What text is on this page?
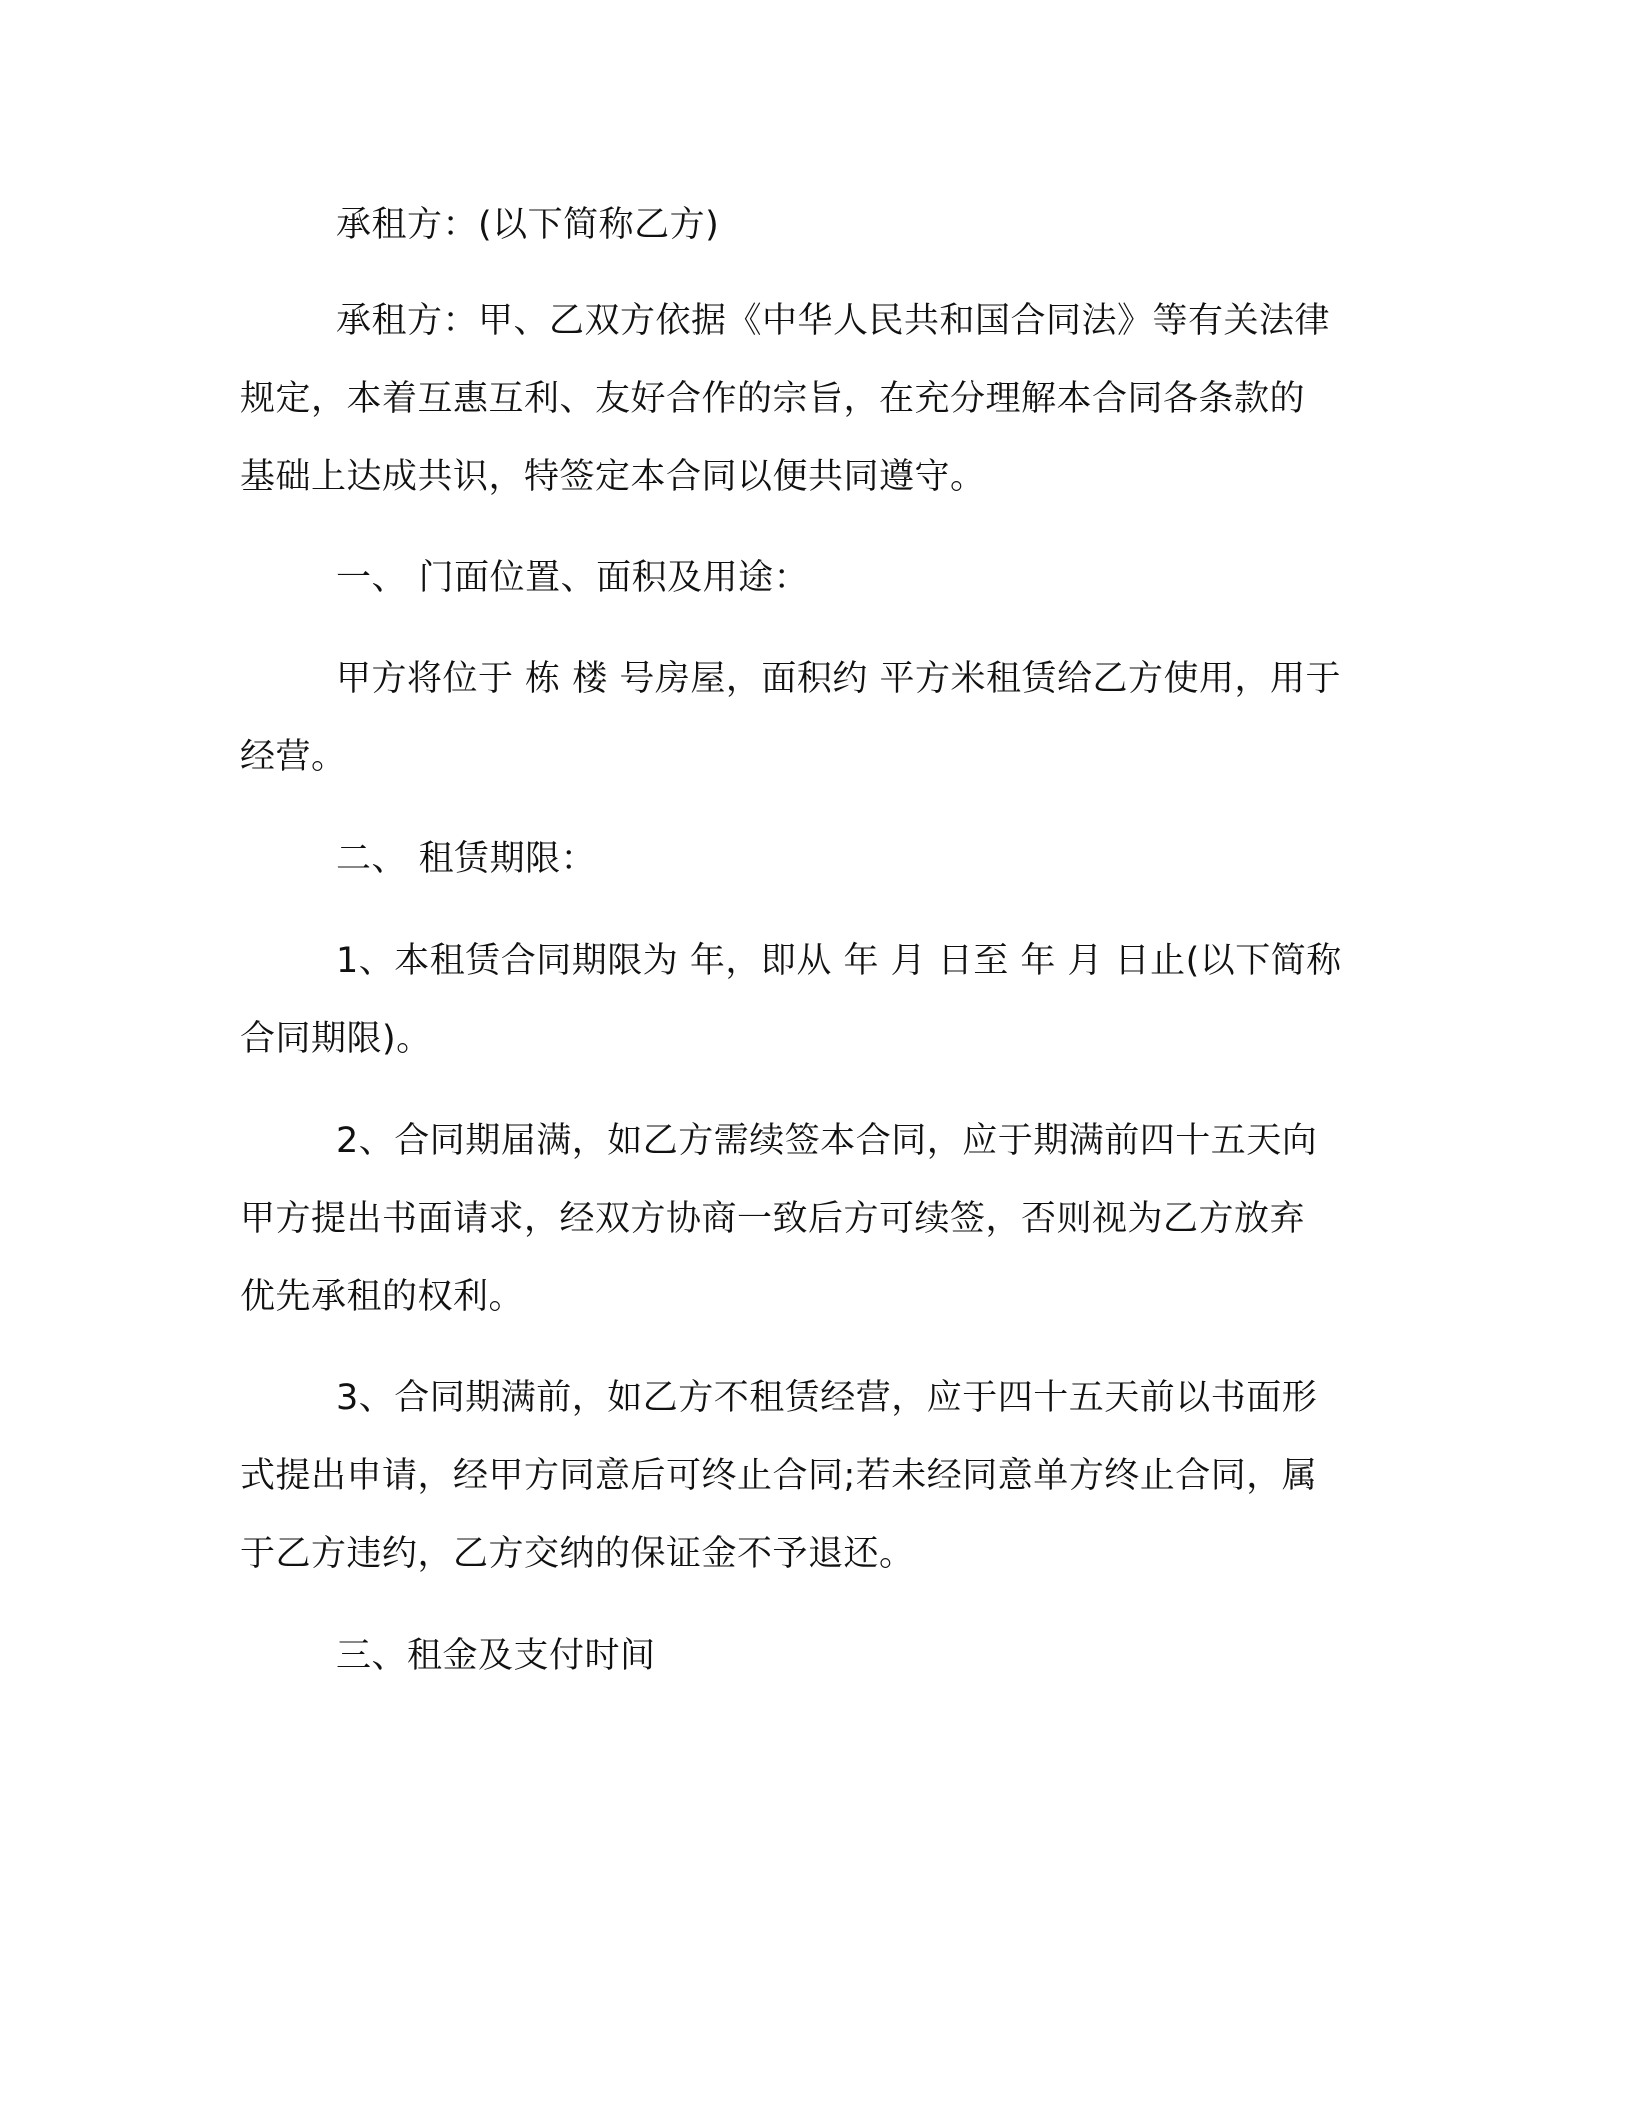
承租方：(以下简称乙方)

承租方：甲、乙双方依据《中华人民共和国合同法》等有关法律
规定，本着互惠互利、友好合作的宗旨，在充分理解本合同各条款的
基础上达成共识，特签定本合同以便共同遵守。

一、 门面位置、面积及用途：

甲方将位于 栋 楼 号房屋，面积约 平方米租赁给乙方使用，用于
经营。

二、 租赁期限：

1、本租赁合同期限为 年，即从 年 月 日至 年 月 日止(以下简称
合同期限)。

2、合同期届满，如乙方需续签本合同，应于期满前四十五天向
甲方提出书面请求，经双方协商一致后方可续签，否则视为乙方放弃
优先承租的权利。

3、合同期满前，如乙方不租赁经营，应于四十五天前以书面形
式提出申请，经甲方同意后可终止合同;若未经同意单方终止合同，属
于乙方违约，乙方交纳的保证金不予退还。

三、租金及支付时间
